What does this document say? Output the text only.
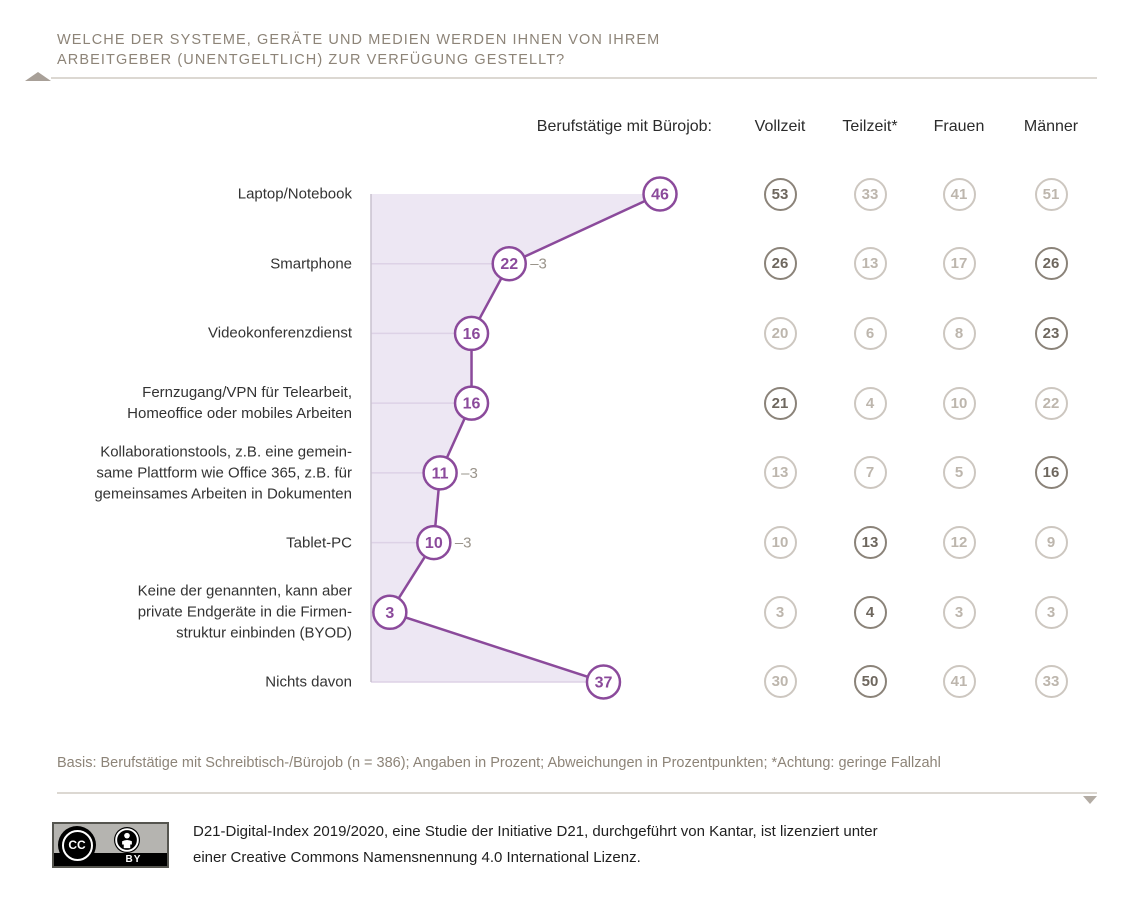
WELCHE DER SYSTEME, GERÄTE UND MEDIEN WERDEN IHNEN VON IHREM
ARBEITGEBER (UNENTGELTLICH) ZUR VERFÜGUNG GESTELLT?
Berufstätige mit Bürojob:	Vollzeit Teilzeit* Frauen Männer
Laptop/Notebook
Smartphone
Videokonferenzdienst
Fernzugang/VPN für Telearbeit,
Homeoffice oder mobiles Arbeiten
Kollaborationstools, z.B. eine gemein-
same Plattform wie Office 365, z.B. für
gemeinsames Arbeiten in Dokumenten
Tablet-PC
Keine der genannten, kann aber
private Endgeräte in die Firmen-
struktur einbinden (BYOD)
Nichts davon
46
22 –3
16
16
11 –3
10 –3
3
37
53
26
20
21
13
10
3
30
33
13
6
4
7
13
4
50
41
17
8
10
5
12
3
41
51
26
23
22
16
9
3
33
Basis: Berufstätige mit Schreibtisch-/Bürojob (n = 386); Angaben in Prozent; Abweichungen in Prozentpunkten; *Achtung: geringe Fallzahl
BY
CC
D21-Digital-Index 2019/2020, eine Studie der Initiative D21, durchgeführt von Kantar, ist lizenziert unter
einer Creative Commons Namensnennung 4.0 International Lizenz.
